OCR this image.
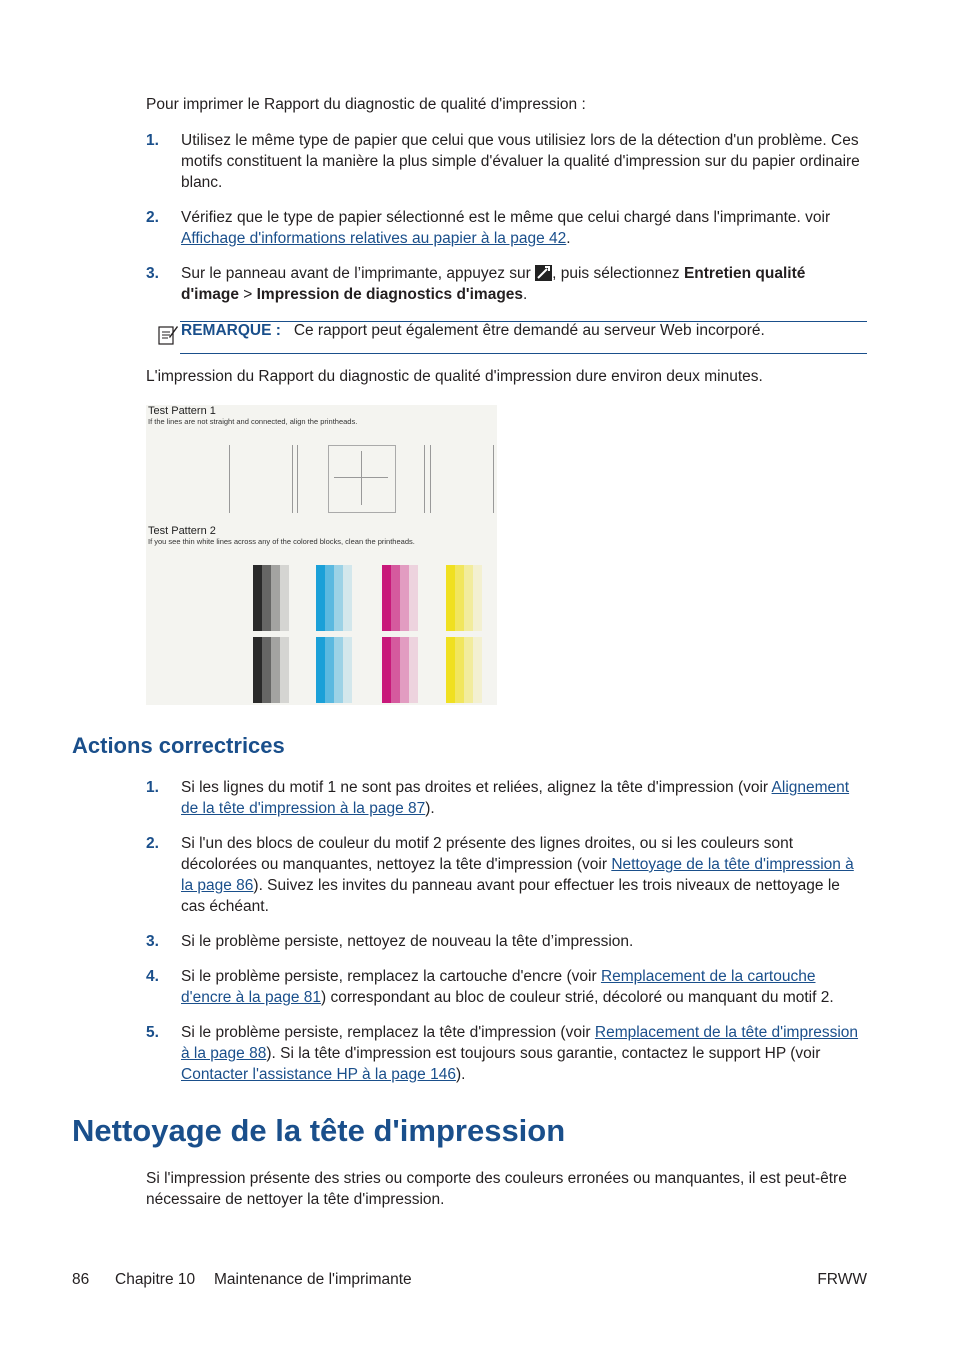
Pour imprimer le Rapport du diagnostic de qualité d'impression :
1. Utilisez le même type de papier que celui que vous utilisiez lors de la détection d'un problème. Ces motifs constituent la manière la plus simple d'évaluer la qualité d'impression sur du papier ordinaire blanc.
2. Vérifiez que le type de papier sélectionné est le même que celui chargé dans l'imprimante. voir Affichage d'informations relatives au papier à la page 42.
3. Sur le panneau avant de l’imprimante, appuyez sur
, puis sélectionnez Entretien qualité d'image > Impression de diagnostics d'images.
REMARQUE : Ce rapport peut également être demandé au serveur Web incorporé.
L'impression du Rapport du diagnostic de qualité d'impression dure environ deux minutes.
Test Pattern 1
If the lines are not straight and connected, align the printheads.
Test Pattern 2
If you see thin white lines across any of the colored blocks, clean the printheads.
Actions correctrices
1. Si les lignes du motif 1 ne sont pas droites et reliées, alignez la tête d'impression (voir Alignement de la tête d'impression à la page 87).
2. Si l'un des blocs de couleur du motif 2 présente des lignes droites, ou si les couleurs sont décolorées ou manquantes, nettoyez la tête d'impression (voir Nettoyage de la tête d'impression à la page 86). Suivez les invites du panneau avant pour effectuer les trois niveaux de nettoyage le cas échéant.
3. Si le problème persiste, nettoyez de nouveau la tête d’impression.
4. Si le problème persiste, remplacez la cartouche d'encre (voir Remplacement de la cartouche d'encre à la page 81) correspondant au bloc de couleur strié, décoloré ou manquant du motif 2.
5. Si le problème persiste, remplacez la tête d'impression (voir Remplacement de la tête d'impression à la page 88). Si la tête d'impression est toujours sous garantie, contactez le support HP (voir Contacter l'assistance HP à la page 146).
Nettoyage de la tête d'impression
Si l'impression présente des stries ou comporte des couleurs erronées ou manquantes, il est peut-être nécessaire de nettoyer la tête d'impression.
86 Chapitre 10 Maintenance de l'imprimante	FRWW
